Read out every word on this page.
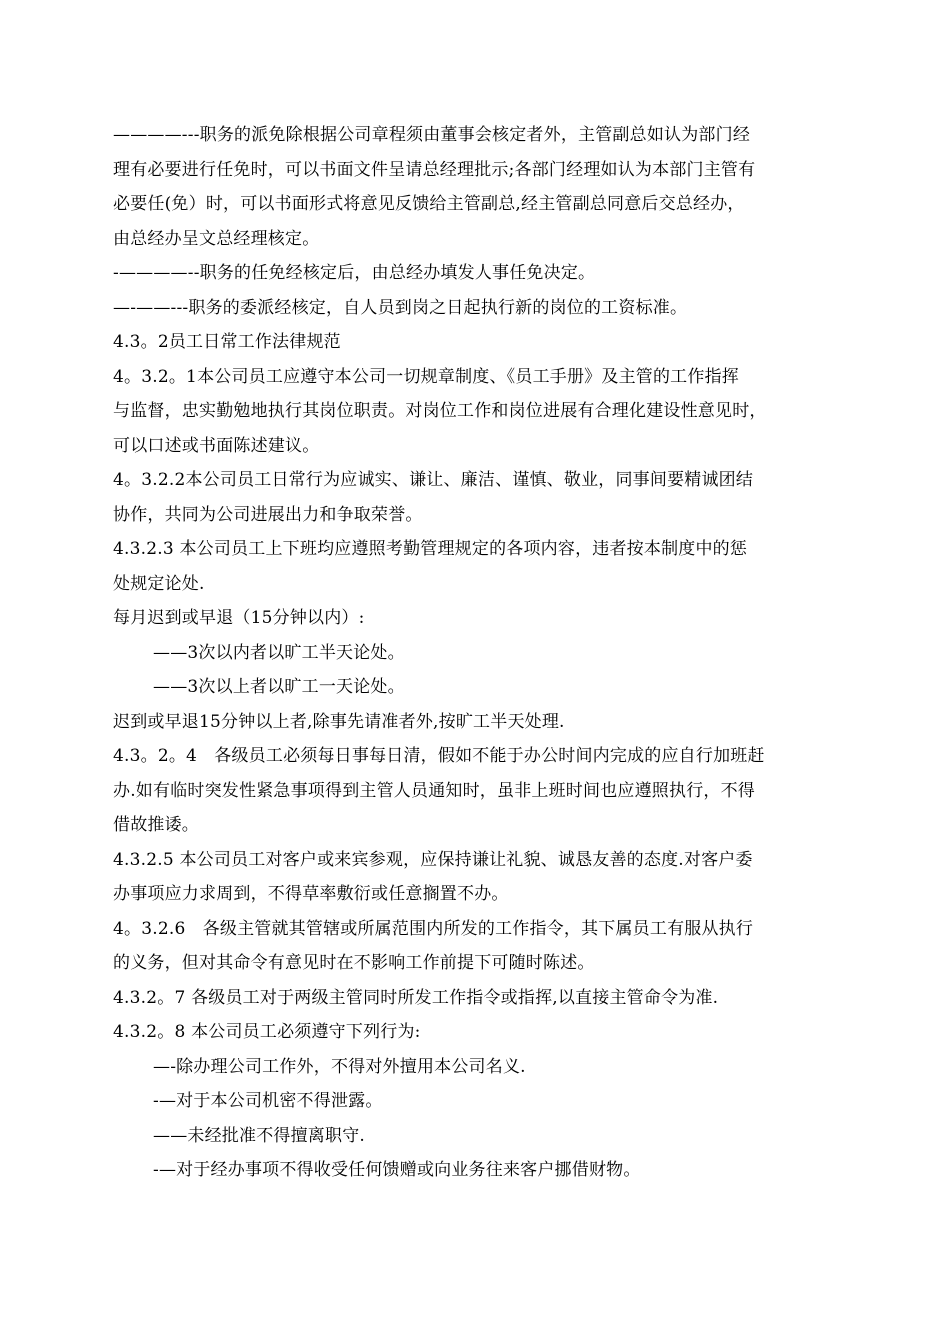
————---职务的派免除根据公司章程须由董事会核定者外，主管副总如认为部门经
理有必要进行任免时，可以书面文件呈请总经理批示;各部门经理如认为本部门主管有
必要任(免）时，可以书面形式将意见反馈给主管副总,经主管副总同意后交总经办，
由总经办呈文总经理核定。
-————--职务的任免经核定后，由总经办填发人事任免决定。
—-——---职务的委派经核定，自人员到岗之日起执行新的岗位的工资标准。
4.3。2员工日常工作法律规范
4。3.2。1本公司员工应遵守本公司一切规章制度、《员工手册》及主管的工作指挥
与监督，忠实勤勉地执行其岗位职责。对岗位工作和岗位进展有合理化建设性意见时，
可以口述或书面陈述建议。
4。3.2.2本公司员工日常行为应诚实、谦让、廉洁、谨慎、敬业，同事间要精诚团结
协作，共同为公司进展出力和争取荣誉。
4.3.2.3 本公司员工上下班均应遵照考勤管理规定的各项内容，违者按本制度中的惩
处规定论处.
每月迟到或早退（15分钟以内）:
——3次以内者以旷工半天论处。
——3次以上者以旷工一天论处。
迟到或早退15分钟以上者,除事先请准者外,按旷工半天处理.
4.3。2。4　各级员工必须每日事每日清，假如不能于办公时间内完成的应自行加班赶
办.如有临时突发性紧急事项得到主管人员通知时，虽非上班时间也应遵照执行，不得
借故推诿。
4.3.2.5 本公司员工对客户或来宾参观，应保持谦让礼貌、诚恳友善的态度.对客户委
办事项应力求周到，不得草率敷衍或任意搁置不办。
4。3.2.6　各级主管就其管辖或所属范围内所发的工作指令，其下属员工有服从执行
的义务，但对其命令有意见时在不影响工作前提下可随时陈述。
4.3.2。7 各级员工对于两级主管同时所发工作指令或指挥,以直接主管命令为准.
4.3.2。8 本公司员工必须遵守下列行为:
—-除办理公司工作外，不得对外擅用本公司名义.
-—对于本公司机密不得泄露。
——未经批准不得擅离职守.
-—对于经办事项不得收受任何馈赠或向业务往来客户挪借财物。
